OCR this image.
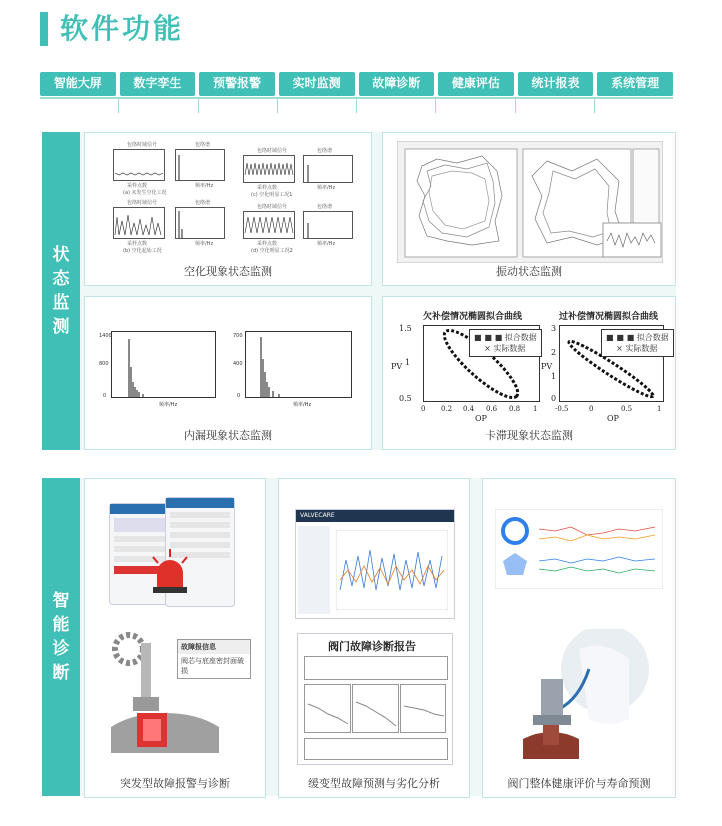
软件功能
智能大屏	数字孪生	预警报警	实时监测	故障诊断	健康评估	统计报表	系统管理
状
态
监
测
包络时域信号	包络谱
采样点数	频率/Hz
(a) 未发生空化工况
包络时域信号	包络谱
采样点数	频率/Hz
(b) 空化起始工况
包络时域信号	包络谱
采样点数	频率/Hz
(c) 空化明显工况1
包络时域信号	包络谱
采样点数	频率/Hz
(d) 空化明显工况2
空化现象状态监测	振动状态监测
1400
800
0
频率/Hz
700
400
0
频率/Hz
内漏现象状态监测
欠补偿情况椭圆拟合曲线	过补偿情况椭圆拟合曲线
1.5
1
0.5
PV
0 0.2 0.4 0.6 0.8 1
OP
3
2
1
0
PV
-0.5	0	0.5	1
OP
■ ■ ■ 拟合数据
× 实际数据
■ ■ ■ 拟合数据
× 实际数据
卡滞现象状态监测
智
能
诊
断
故障报信息
阀芯与底座密封面破损
突发型故障报警与诊断
VALVECARE
阀门故障诊断报告
缓变型故障预测与劣化分析	阀门整体健康评价与寿命预测
